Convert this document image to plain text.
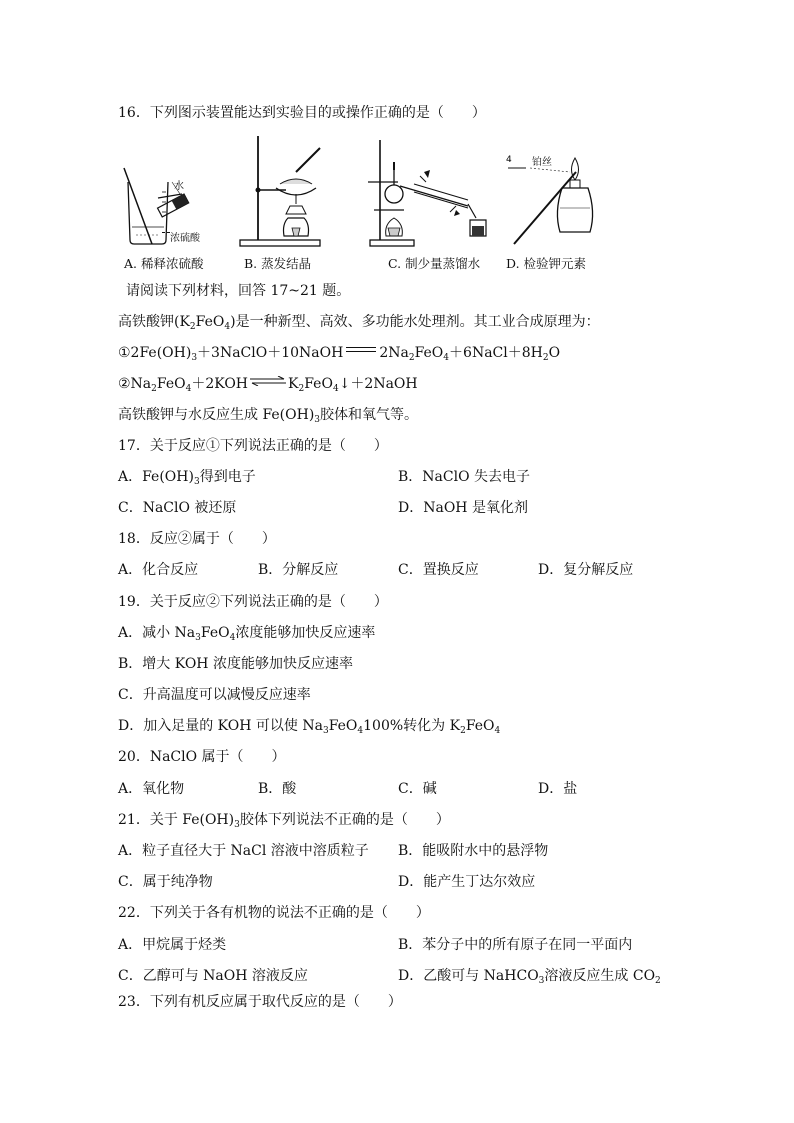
16．下列图示装置能达到实验目的或操作正确的是（　　）
水
浓硫酸
4 铂丝
A. 稀释浓硫酸	B. 蒸发结晶	C. 制少量蒸馏水 D. 检验钾元素
请阅读下列材料，回答 17~21 题。
高铁酸钾$(K_2FeO_4)$是一种新型、高效、多功能水处理剂。其工业合成原理为：
$①2Fe(OH)_3+3NaClO+10NaOH$	$2Na_2FeO_4+6NaCl+8H_2O$
$②Na_2FeO_4+2KOH$ ⇌ $K_2FeO_4↓+2NaOH$
高铁酸钾与水反应生成 $Fe(OH)_3$胶体和氧气等。
17．关于反应①下列说法正确的是（　　）
A．$Fe(OH)_3$得到电子	B．NaClO 失去电子
C．NaClO 被还原	D．NaOH 是氧化剂
18．反应②属于（　　）
A．化合反应	B．分解反应	C．置换反应	D．复分解反应
19．关于反应②下列说法正确的是（　　）
A．减小 $Na_3FeO_4$浓度能够加快反应速率
B．增大 KOH 浓度能够加快反应速率
C．升高温度可以减慢反应速率
D．加入足量的 KOH 可以使 $Na_3FeO_4100\%$转化为 $K_2FeO_4$
20．NaClO 属于（　　）
A．氧化物	B．酸	C．碱	D．盐
21．关于 $Fe(OH)_3$胶体下列说法不正确的是（　　）
A．粒子直径大于 NaCl 溶液中溶质粒子 B．能吸附水中的悬浮物
C．属于纯净物	D．能产生丁达尔效应
22．下列关于各有机物的说法不正确的是（　　）
A．甲烷属于烃类	B．苯分子中的所有原子在同一平面内
C．乙醇可与 NaOH 溶液反应	D．乙酸可与 NaHCO$_3$溶液反应生成 $CO_2$
23．下列有机反应属于取代反应的是（　　）
